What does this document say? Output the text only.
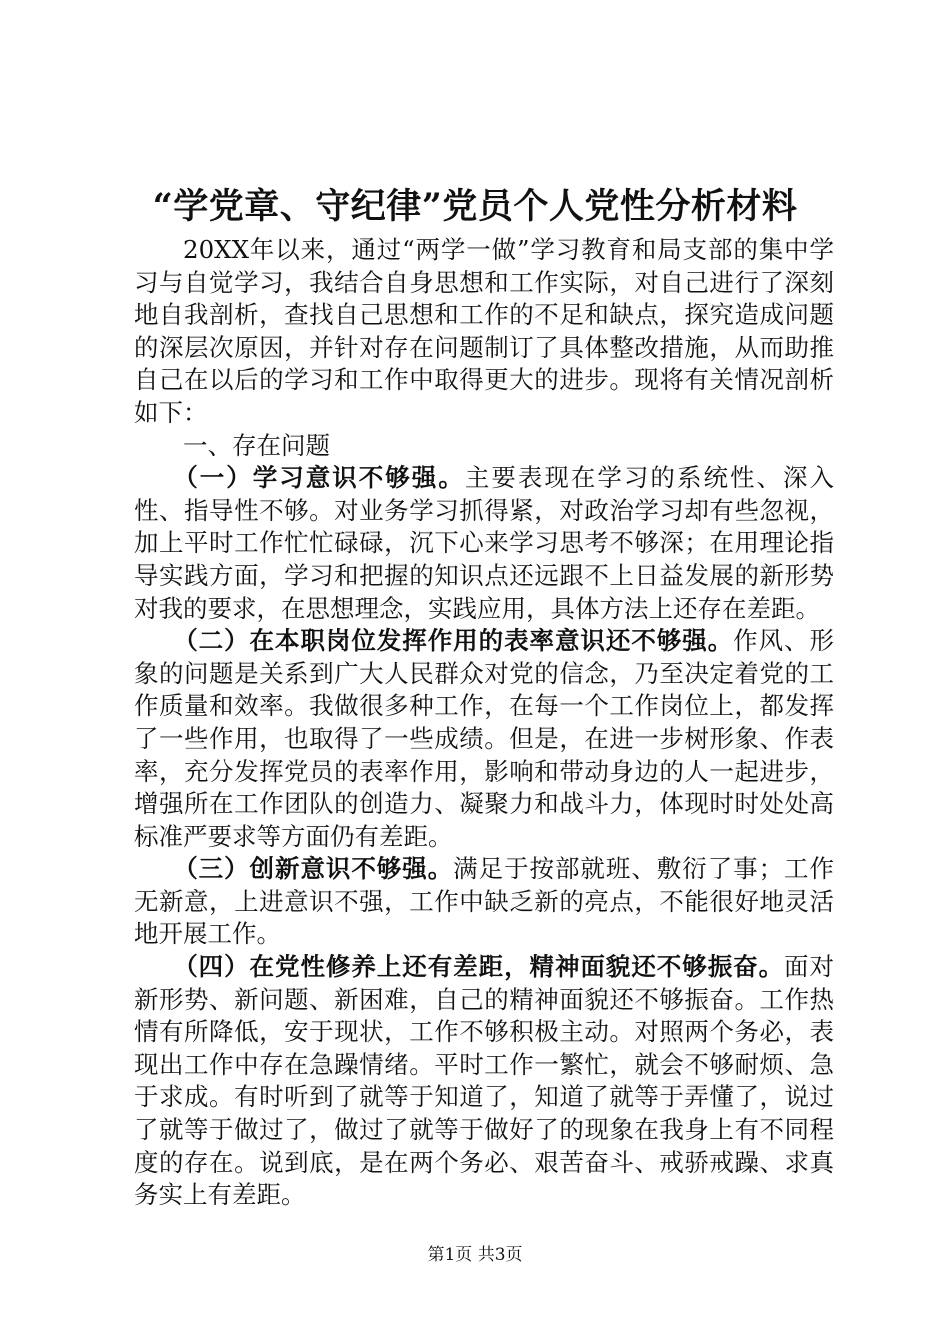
“学党章、守纪律”党员个人党性分析材料

20XX年以来，通过“两学一做”学习教育和局支部的集中学习与自觉学习，我结合自身思想和工作实际，对自己进行了深刻地自我剖析，查找自己思想和工作的不足和缺点，探究造成问题的深层次原因，并针对存在问题制订了具体整改措施，从而助推自己在以后的学习和工作中取得更大的进步。现将有关情况剖析如下：

一、存在问题

（一）学习意识不够强。主要表现在学习的系统性、深入性、指导性不够。对业务学习抓得紧，对政治学习却有些忽视，加上平时工作忙忙碌碌，沉下心来学习思考不够深；在用理论指导实践方面，学习和把握的知识点还远跟不上日益发展的新形势对我的要求，在思想理念，实践应用，具体方法上还存在差距。

（二）在本职岗位发挥作用的表率意识还不够强。作风、形象的问题是关系到广大人民群众对党的信念，乃至决定着党的工作质量和效率。我做很多种工作，在每一个工作岗位上，都发挥了一些作用，也取得了一些成绩。但是，在进一步树形象、作表率，充分发挥党员的表率作用，影响和带动身边的人一起进步，增强所在工作团队的创造力、凝聚力和战斗力，体现时时处处高标准严要求等方面仍有差距。

（三）创新意识不够强。满足于按部就班、敷衍了事；工作无新意，上进意识不强，工作中缺乏新的亮点，不能很好地灵活地开展工作。

（四）在党性修养上还有差距，精神面貌还不够振奋。面对新形势、新问题、新困难，自己的精神面貌还不够振奋。工作热情有所降低，安于现状，工作不够积极主动。对照两个务必，表现出工作中存在急躁情绪。平时工作一繁忙，就会不够耐烦、急于求成。有时听到了就等于知道了，知道了就等于弄懂了，说过了就等于做过了，做过了就等于做好了的现象在我身上有不同程度的存在。说到底，是在两个务必、艰苦奋斗、戒骄戒躁、求真务实上有差距。

第1页 共3页
